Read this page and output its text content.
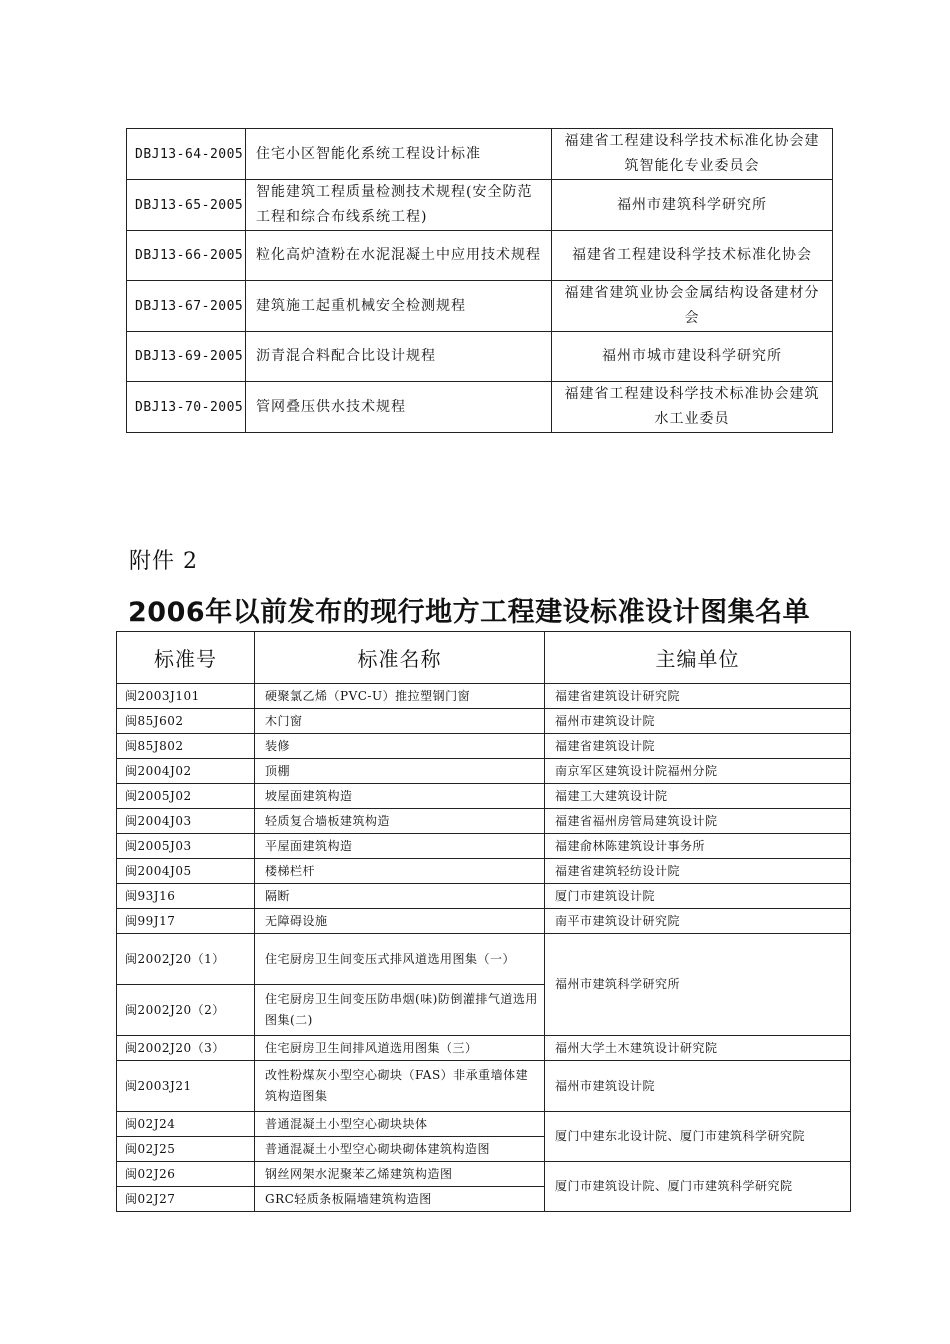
DBJ13-64-2005	住宅小区智能化系统工程设计标准	福建省工程建设科学技术标准化协会建筑智能化专业委员会
DBJ13-65-2005	智能建筑工程质量检测技术规程(安全防范工程和综合布线系统工程)	福州市建筑科学研究所
DBJ13-66-2005	粒化高炉渣粉在水泥混凝土中应用技术规程	福建省工程建设科学技术标准化协会
DBJ13-67-2005	建筑施工起重机械安全检测规程	福建省建筑业协会金属结构设备建材分会
DBJ13-69-2005	沥青混合料配合比设计规程	福州市城市建设科学研究所
DBJ13-70-2005	管网叠压供水技术规程	福建省工程建设科学技术标准协会建筑水工业委员
附件 2
2006年以前发布的现行地方工程建设标准设计图集名单
标准号	标准名称	主编单位
闽2003J101	硬聚氯乙烯（PVC-U）推拉塑钢门窗	福建省建筑设计研究院
闽85J602	木门窗	福州市建筑设计院
闽85J802	装修	福建省建筑设计院
闽2004J02	顶棚	南京军区建筑设计院福州分院
闽2005J02	坡屋面建筑构造	福建工大建筑设计院
闽2004J03	轻质复合墙板建筑构造	福建省福州房管局建筑设计院
闽2005J03	平屋面建筑构造	福建俞林陈建筑设计事务所
闽2004J05	楼梯栏杆	福建省建筑轻纺设计院
闽93J16	隔断	厦门市建筑设计院
闽99J17	无障碍设施	南平市建筑设计研究院
闽2002J20（1）	住宅厨房卫生间变压式排风道选用图集（一）	福州市建筑科学研究所
闽2002J20（2）	住宅厨房卫生间变压防串烟(味)防倒灌排气道选用图集(二)	
闽2002J20（3）	住宅厨房卫生间排风道选用图集（三）	福州大学土木建筑设计研究院
闽2003J21	改性粉煤灰小型空心砌块（FAS）非承重墙体建筑构造图集	福州市建筑设计院
闽02J24	普通混凝土小型空心砌块块体	厦门中建东北设计院、厦门市建筑科学研究院
闽02J25	普通混凝土小型空心砌块砌体建筑构造图	
闽02J26	钢丝网架水泥聚苯乙烯建筑构造图	厦门市建筑设计院、厦门市建筑科学研究院
闽02J27	GRC轻质条板隔墙建筑构造图	
